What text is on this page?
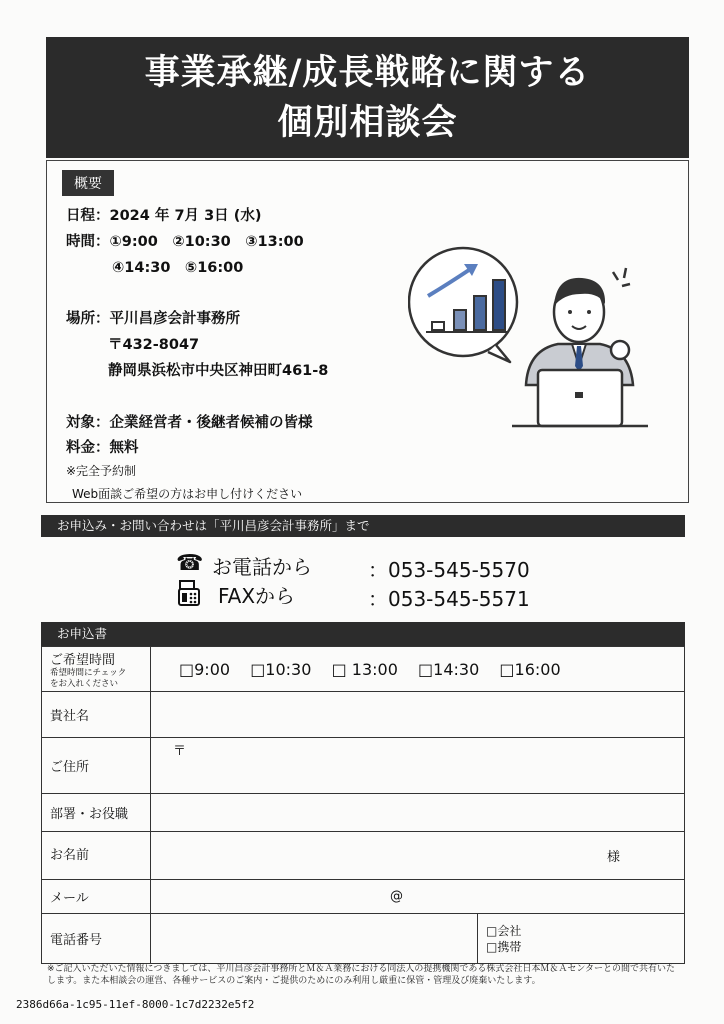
事業承継/成長戦略に関する
個別相談会
概要
日程：2024 年 7月 3日 (水)
時間：①9:00　②10:30　③13:00
④14:30　⑤16:00
場所：平川昌彦会計事務所
〒432-8047
静岡県浜松市中央区神田町461-8
対象：企業経営者・後継者候補の皆様
料金：無料
※完全予約制
Web面談ご希望の方はお申し付けください
お申込み・お問い合わせは「平川昌彦会計事務所」まで
☎ お電話から	：053-545-5570
FAXから	：053-545-5571
お申込書
ご希望時間
希望時間にチェックをお入れください	□9:00 □10:30 □ 13:00 □14:30 □16:00	
貴社名		
ご住所	〒	
部署・お役職		
お名前	様	
メール	@	
電話番号		□会社
□携帯
※ご記入いただいた情報につきましては、平川昌彦会計事務所とＭ＆Ａ業務における同法人の提携機関である株式会社日本Ｍ＆Ａセンターとの間で共有いたします。また本相談会の運営、各種サービスのご案内・ご提供のためにのみ利用し厳重に保管・管理及び廃棄いたします。
2386d66a-1c95-11ef-8000-1c7d2232e5f2
